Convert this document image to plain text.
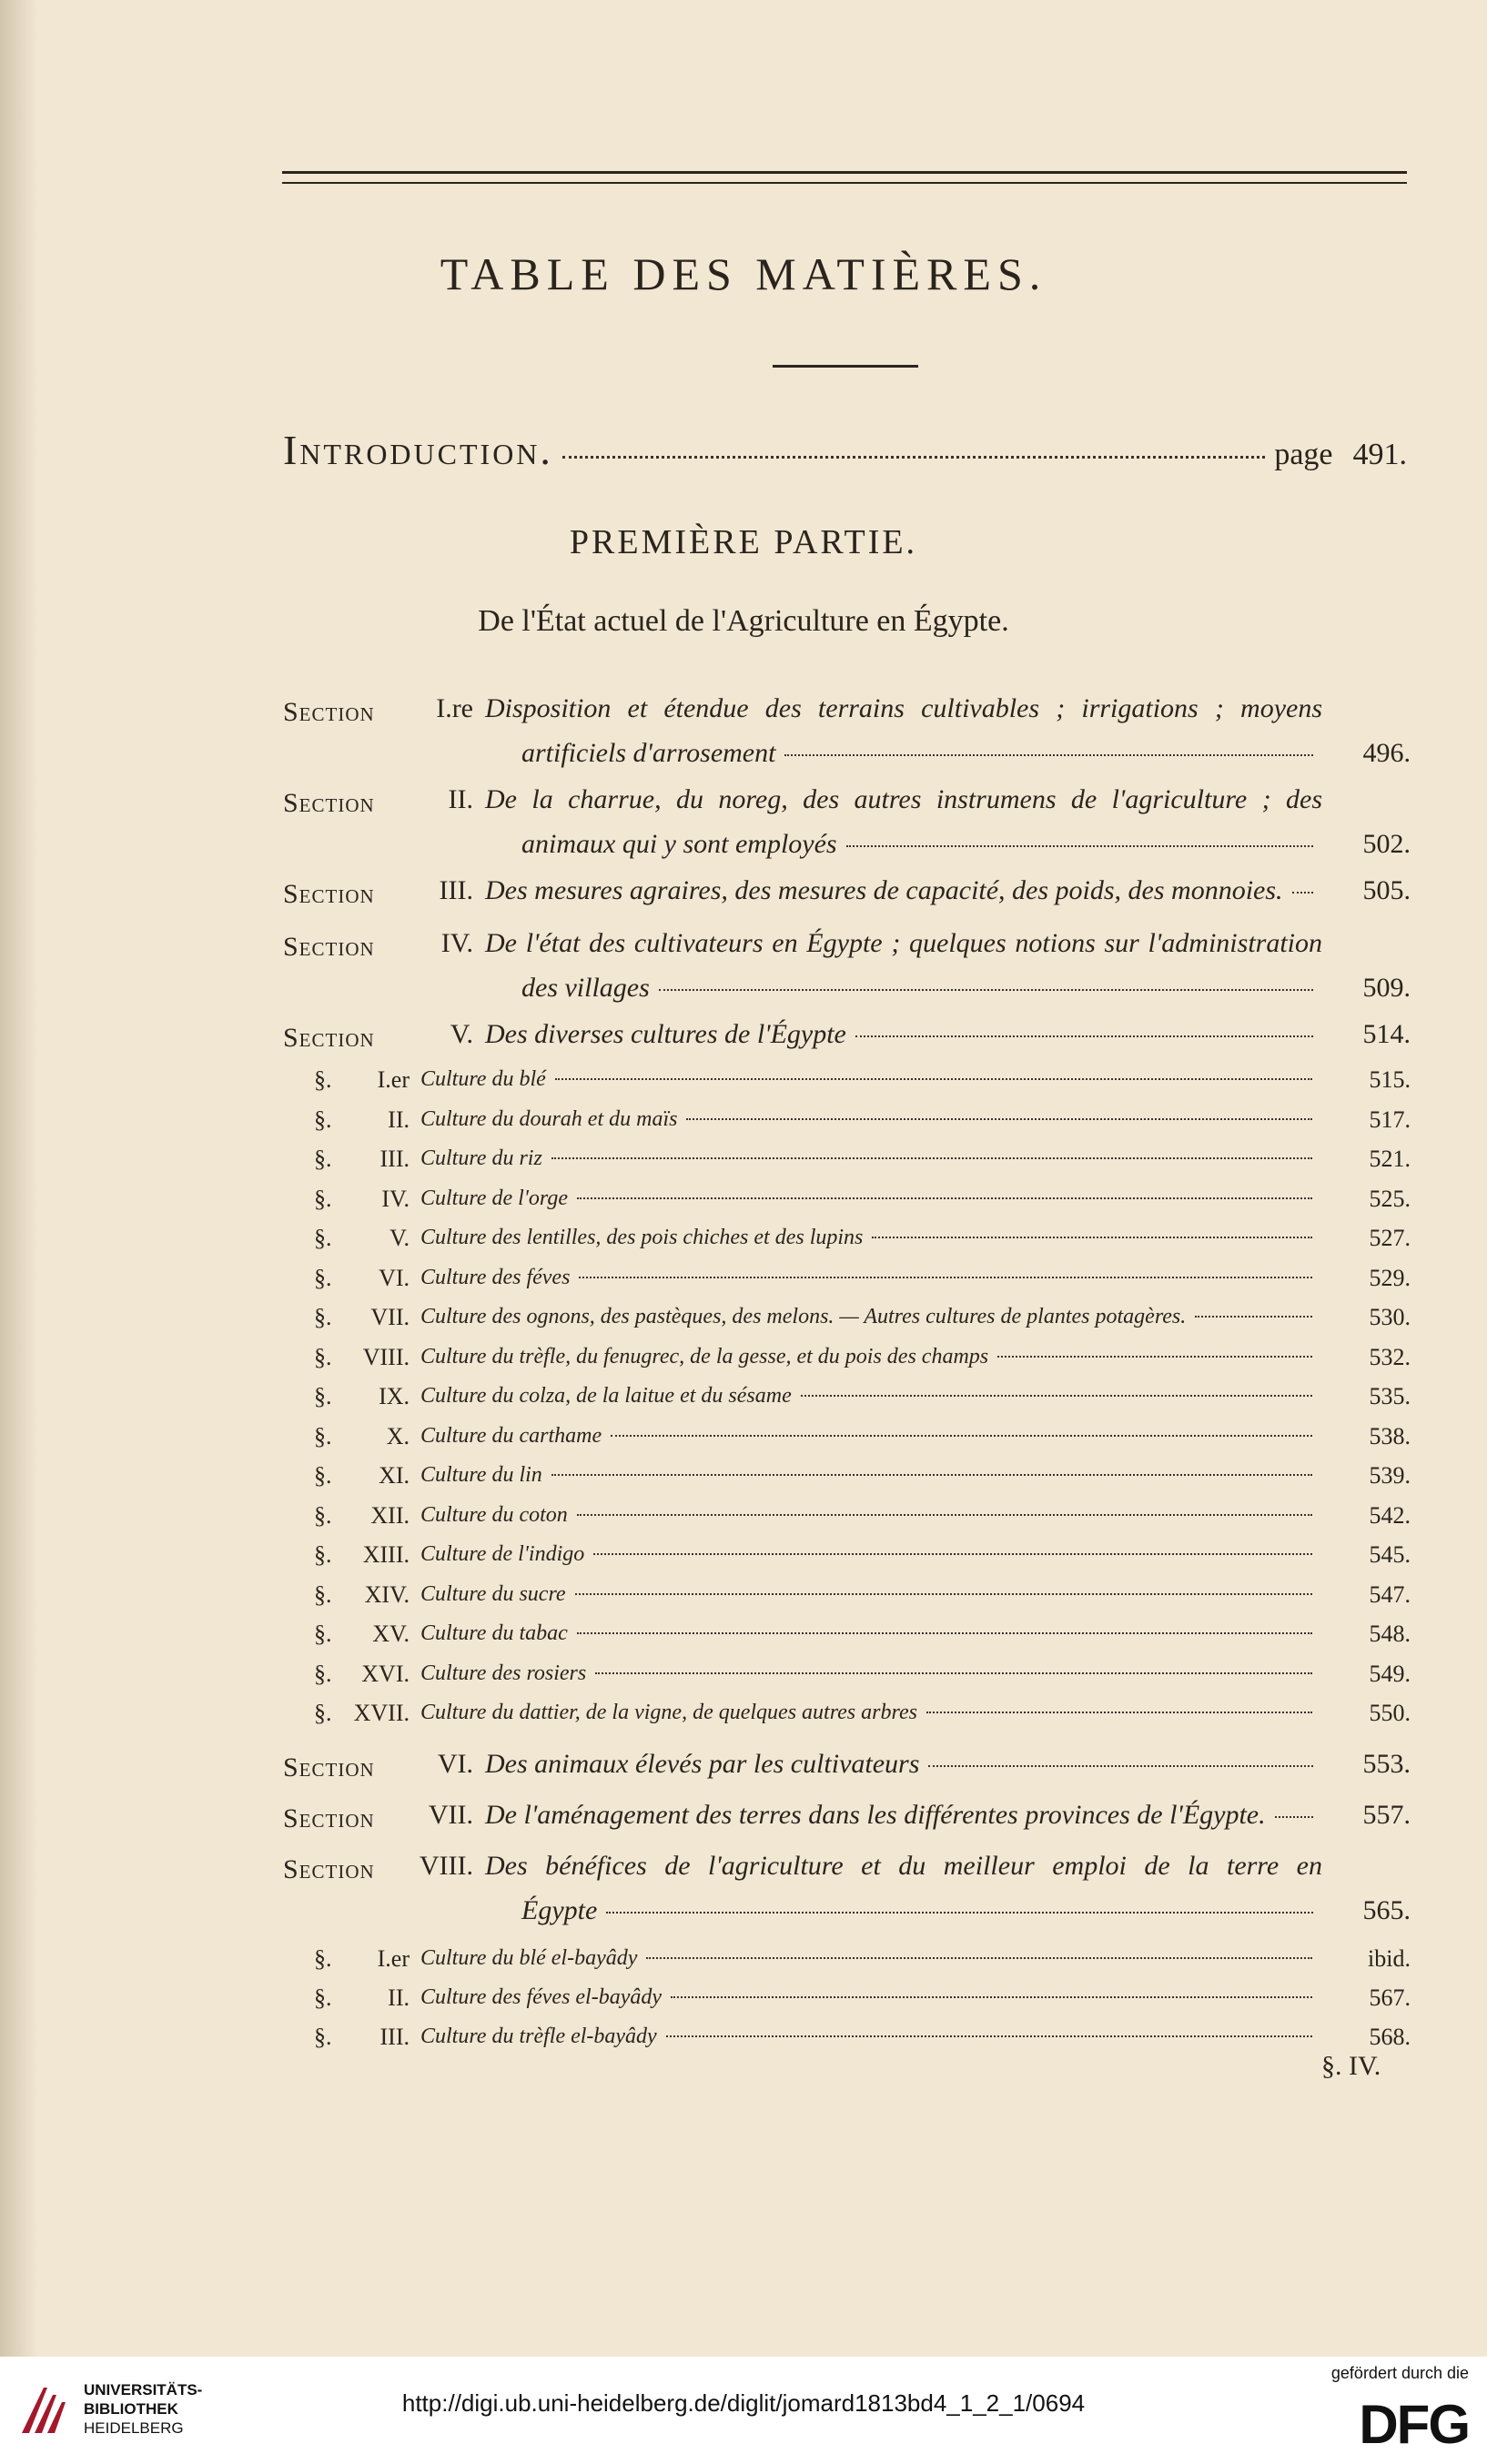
TABLE DES MATIÈRES.
Introduction.	page 491.
PREMIÈRE PARTIE.
De l'État actuel de l'Agriculture en Égypte.
Section	I.re Disposition et étendue des terrains cultivables ; irrigations ; moyens
artificiels d'arrosement	496.
Section	II. De la charrue, du noreg, des autres instrumens de l'agriculture ; des
animaux qui y sont employés	502.
Section	III. Des mesures agraires, des mesures de capacité, des poids, des monnoies.	505.
Section	IV. De l'état des cultivateurs en Égypte ; quelques notions sur l'administration
des villages	509.
Section	V. Des diverses cultures de l'Égypte	514.
§.	I.er Culture du blé	515.
§.	II. Culture du dourah et du maïs	517.
§.	III. Culture du riz	521.
§.	IV. Culture de l'orge	525.
§.	V. Culture des lentilles, des pois chiches et des lupins	527.
§.	VI. Culture des féves	529.
§.	VII. Culture des ognons, des pastèques, des melons. — Autres cultures de plantes potagères.	530.
§.	VIII. Culture du trèfle, du fenugrec, de la gesse, et du pois des champs	532.
§.	IX. Culture du colza, de la laitue et du sésame	535.
§.	X. Culture du carthame	538.
§.	XI. Culture du lin	539.
§.	XII. Culture du coton	542.
§.	XIII. Culture de l'indigo	545.
§.	XIV. Culture du sucre	547.
§.	XV. Culture du tabac	548.
§.	XVI. Culture des rosiers	549.
§. XVII. Culture du dattier, de la vigne, de quelques autres arbres	550.
Section	VI. Des animaux élevés par les cultivateurs	553.
Section	VII. De l'aménagement des terres dans les différentes provinces de l'Égypte.	557.
Section	VIII. Des bénéfices de l'agriculture et du meilleur emploi de la terre en
Égypte	565.
§.	I.er Culture du blé el-bayâdy	ibid.
§.	II. Culture des féves el-bayâdy	567.
§.	III. Culture du trèfle el-bayâdy	568.
§. IV.
UNIVERSITÄTS-
BIBLIOTHEK
HEIDELBERG
http://digi.ub.uni-heidelberg.de/diglit/jomard1813bd4_1_2_1/0694
gefördert durch die
DFG
